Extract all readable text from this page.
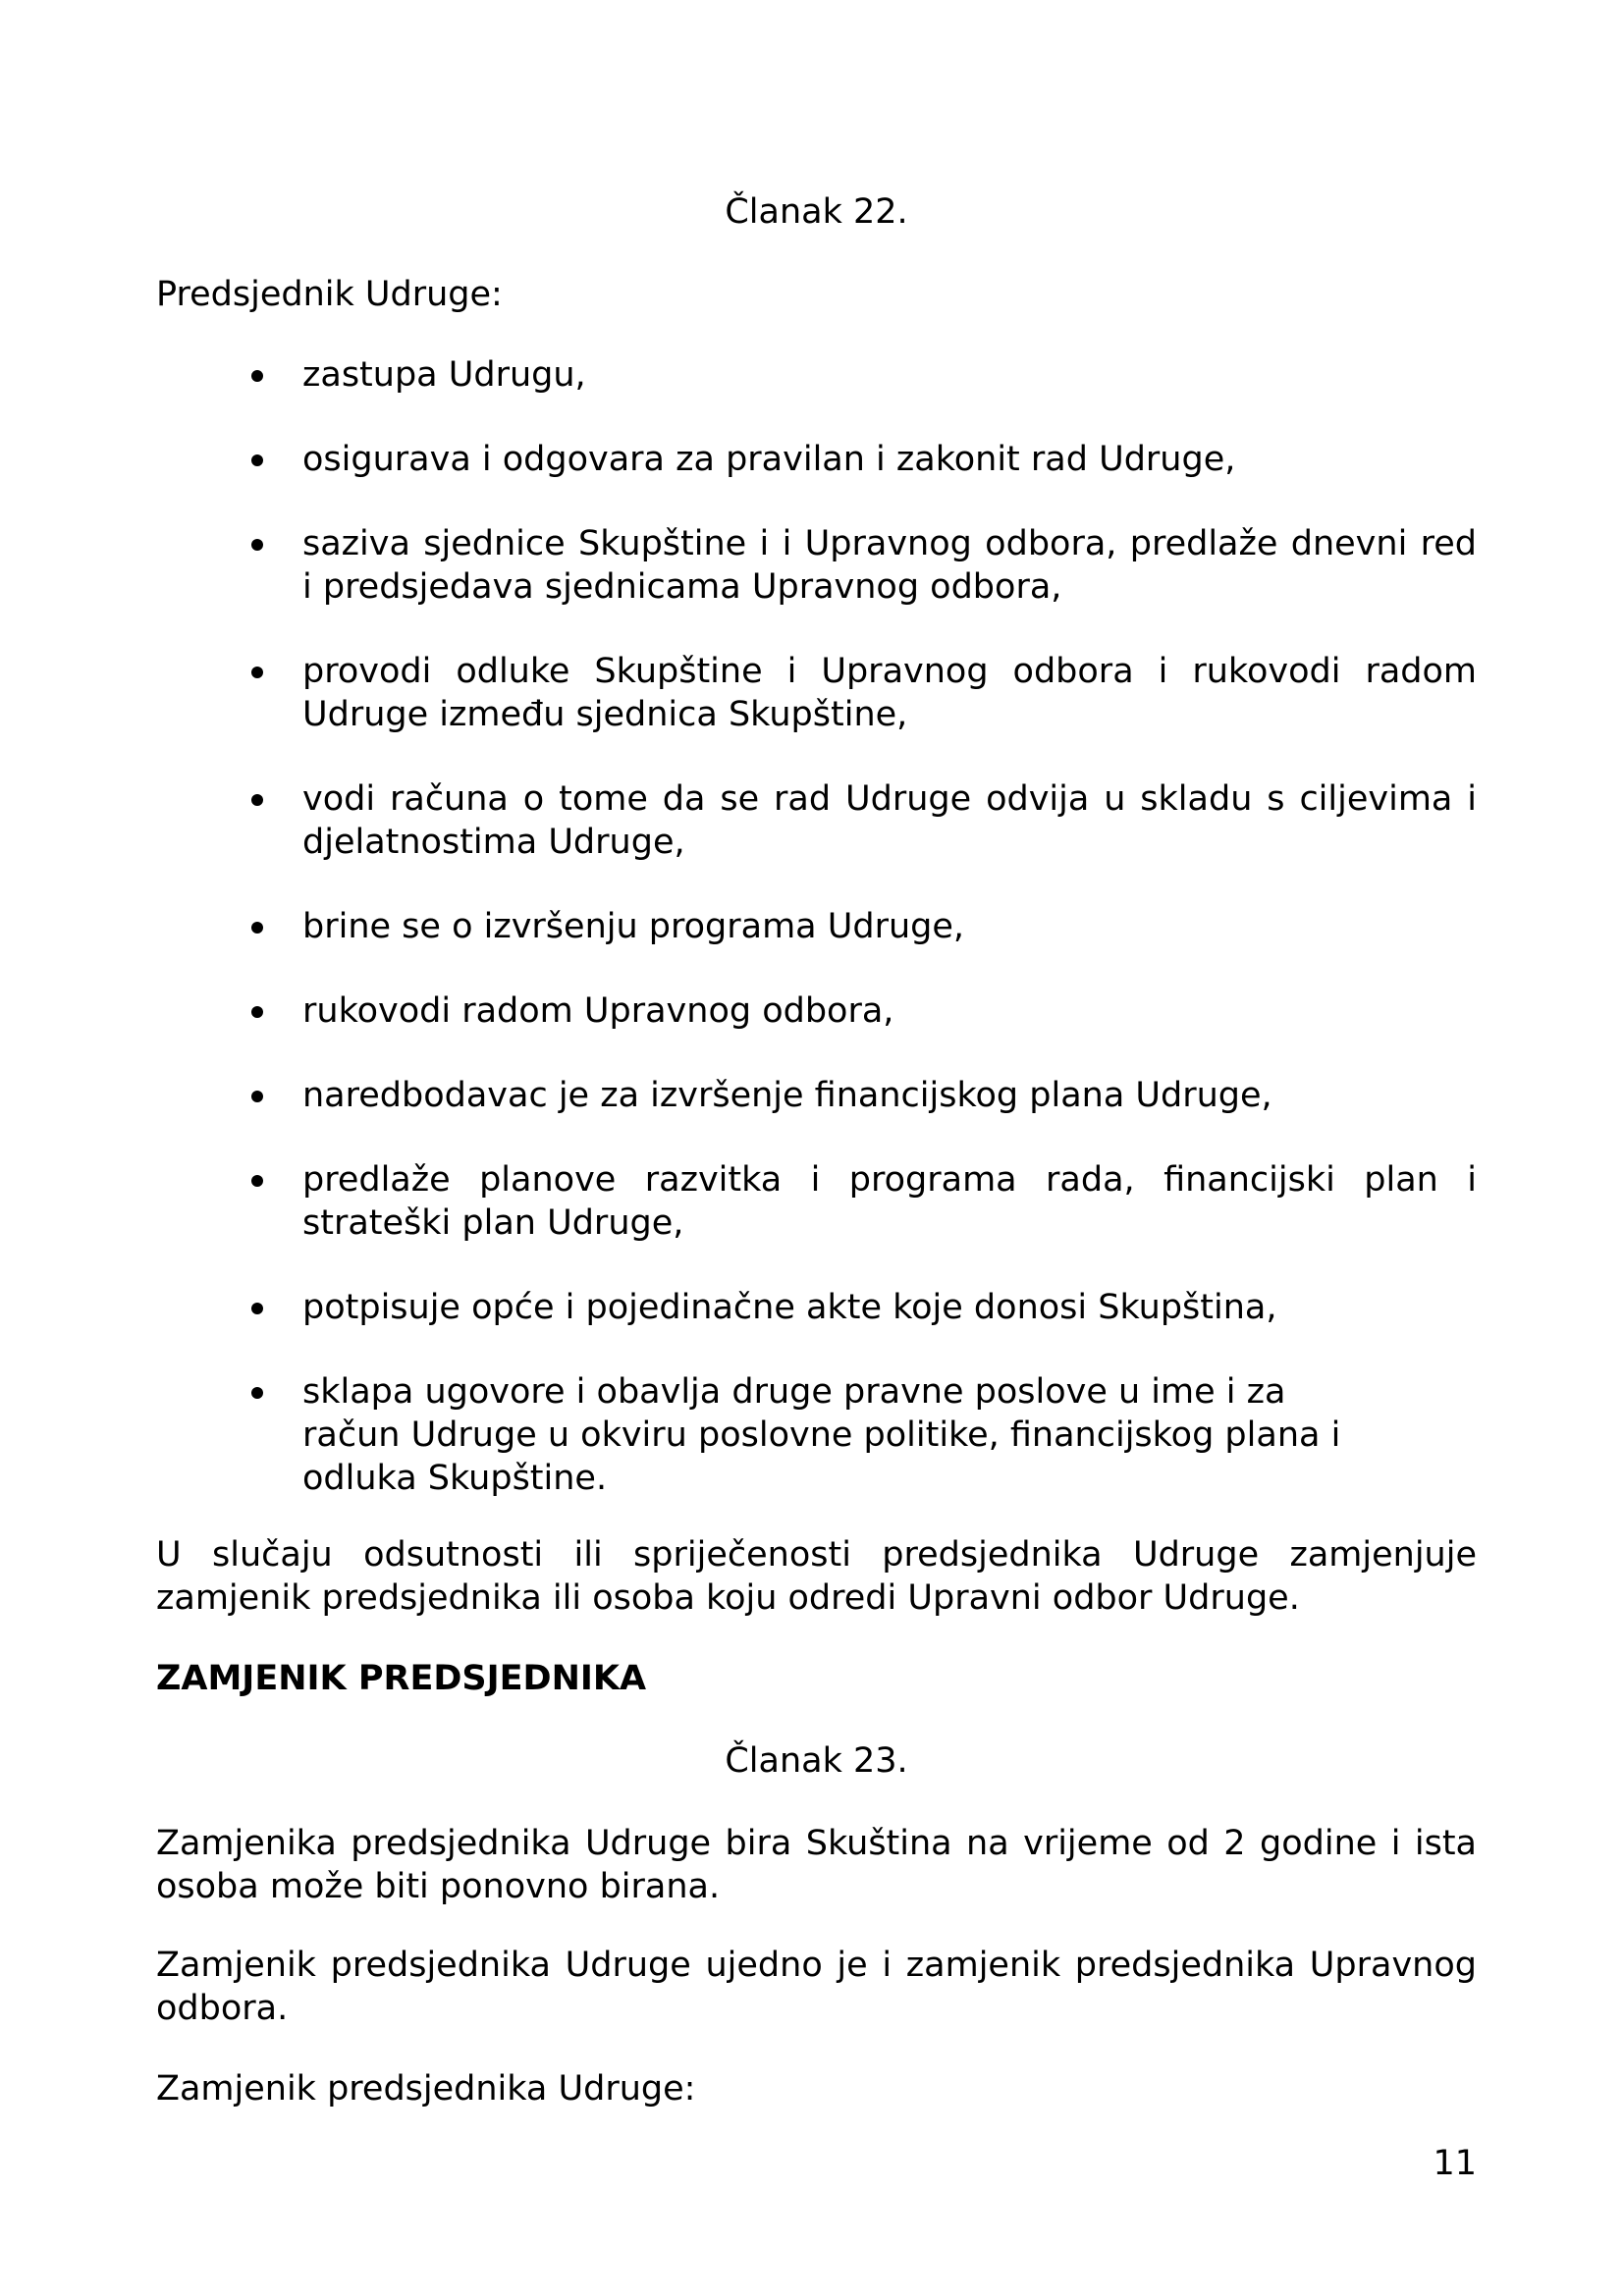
Članak 22.

Predsjednik Udruge:

zastupa Udrugu,
osigurava i odgovara za pravilan i zakonit rad Udruge,
saziva sjednice Skupštine i i Upravnog odbora, predlaže dnevni red i predsjedava sjednicama Upravnog odbora,
provodi odluke Skupštine i Upravnog odbora i rukovodi radom Udruge između sjednica Skupštine,
vodi računa o tome da se rad Udruge odvija u skladu s ciljevima i djelatnostima Udruge,
brine se o izvršenju programa Udruge,
rukovodi radom Upravnog odbora,
naredbodavac je za izvršenje financijskog plana Udruge,
predlaže planove razvitka i programa rada, financijski plan i strateški plan Udruge,
potpisuje opće i pojedinačne akte koje donosi Skupština,
sklapa ugovore i obavlja druge pravne poslove u ime i za račun Udruge u okviru poslovne politike, financijskog plana i odluka Skupštine.

U slučaju odsutnosti ili spriječenosti predsjednika Udruge zamjenjuje zamjenik predsjednika ili osoba koju odredi Upravni odbor Udruge.

ZAMJENIK PREDSJEDNIKA

Članak 23.

Zamjenika predsjednika Udruge bira Skuština na vrijeme od 2 godine i ista osoba može biti ponovno birana.

Zamjenik predsjednika Udruge ujedno je i zamjenik predsjednika Upravnog odbora.

Zamjenik predsjednika Udruge:

11
